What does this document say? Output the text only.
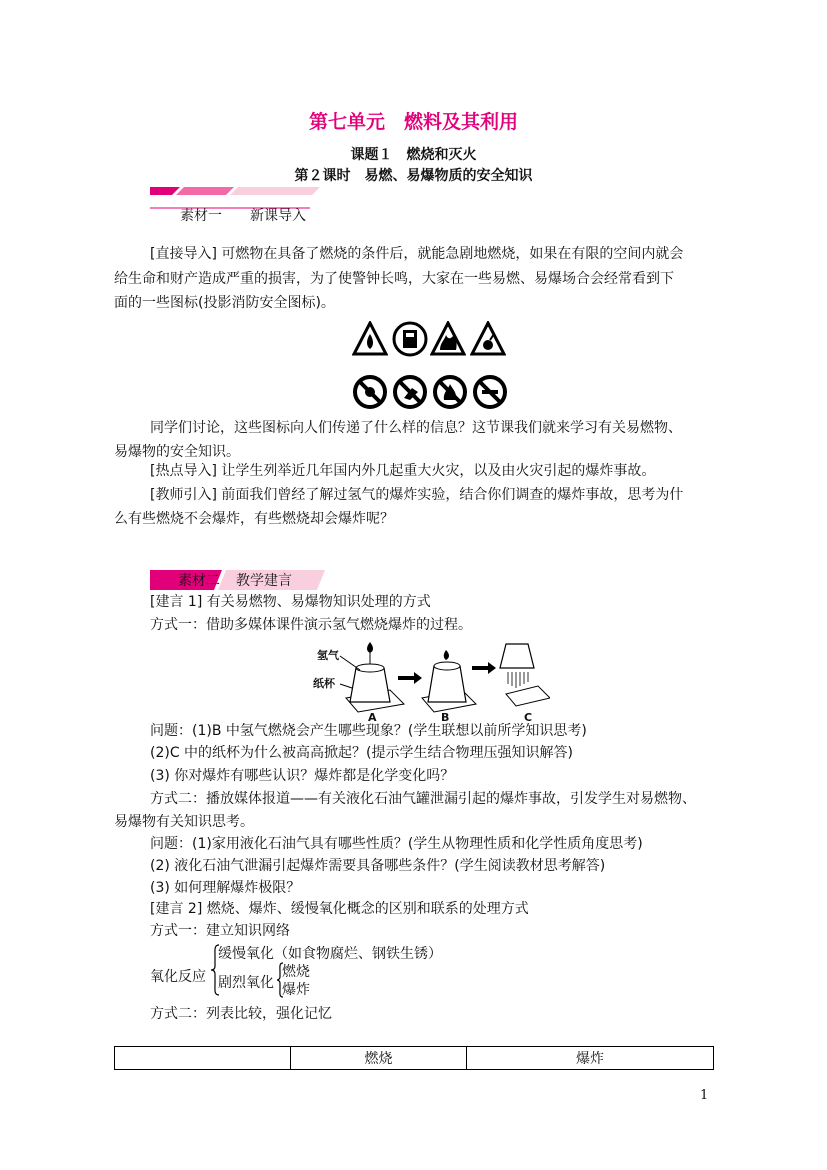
第七单元　燃料及其利用
课题１　燃烧和灭火
第２课时　易燃、易爆物质的安全知识
素材一　　新课导入
[直接导入] 可燃物在具备了燃烧的条件后，就能急剧地燃烧，如果在有限的空间内就会
给生命和财产造成严重的损害，为了使警钟长鸣，大家在一些易燃、易爆场合会经常看到下
面的一些图标(投影消防安全图标)。
同学们讨论，这些图标向人们传递了什么样的信息？这节课我们就来学习有关易燃物、
易爆物的安全知识。
[热点导入] 让学生列举近几年国内外几起重大火灾，以及由火灾引起的爆炸事故。
[教师引入] 前面我们曾经了解过氢气的爆炸实验，结合你们调查的爆炸事故，思考为什
么有些燃烧不会爆炸，有些燃烧却会爆炸呢？
素材二 教学建言
[建言 1] 有关易燃物、易爆物知识处理的方式
方式一：借助多媒体课件演示氢气燃烧爆炸的过程。
氢气
纸杯
A	B	C
问题：(1)B 中氢气燃烧会产生哪些现象？(学生联想以前所学知识思考)
(2)C 中的纸杯为什么被高高掀起？(提示学生结合物理压强知识解答)
(3) 你对爆炸有哪些认识？爆炸都是化学变化吗？
方式二：播放媒体报道——有关液化石油气罐泄漏引起的爆炸事故，引发学生对易燃物、
易爆物有关知识思考。
问题：(1)家用液化石油气具有哪些性质？(学生从物理性质和化学性质角度思考)
(2) 液化石油气泄漏引起爆炸需要具备哪些条件？(学生阅读教材思考解答)
(3) 如何理解爆炸极限？
[建言 2] 燃烧、爆炸、缓慢氧化概念的区别和联系的处理方式
方式一：建立知识网络
氧化反应
缓慢氧化（如食物腐烂、钢铁生锈）
剧烈氧化
燃烧
爆炸
方式二：列表比较，强化记忆
	燃烧	爆炸
1
